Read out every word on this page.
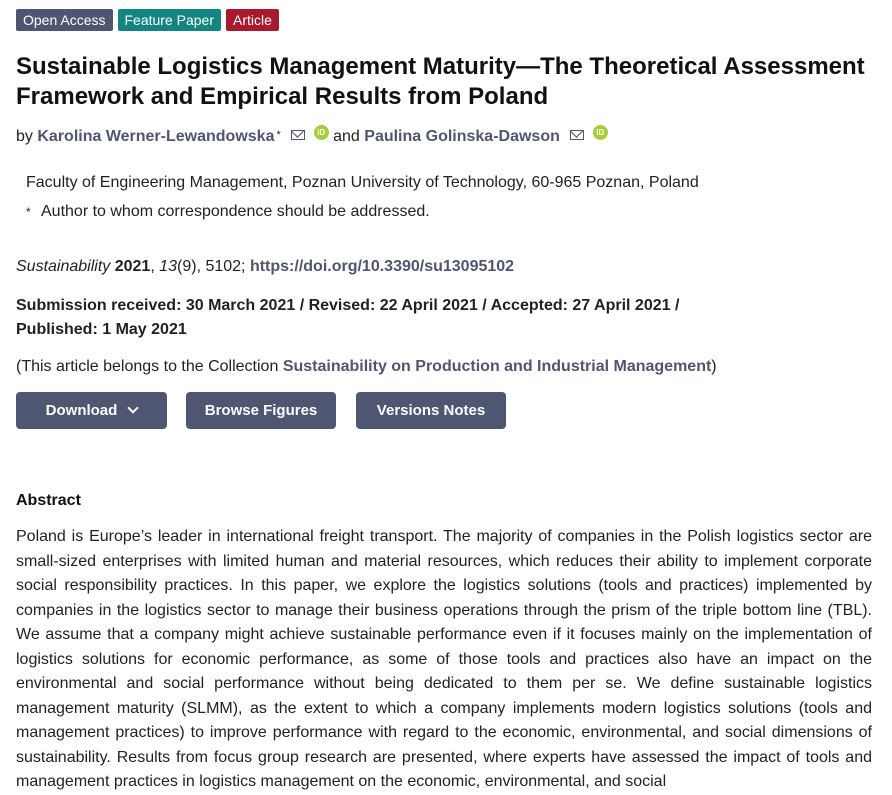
Open Access	Feature Paper	Article
Sustainable Logistics Management Maturity—The Theoretical Assessment Framework and Empirical Results from Poland
by Karolina Werner-Lewandowska *	iD and Paulina Golinska-Dawson	iD
Faculty of Engineering Management, Poznan University of Technology, 60-965 Poznan, Poland
* Author to whom correspondence should be addressed.
Sustainability 2021, 13(9), 5102; https://doi.org/10.3390/su13095102
Submission received: 30 March 2021 / Revised: 22 April 2021 / Accepted: 27 April 2021 / Published: 1 May 2021
(This article belongs to the Collection Sustainability on Production and Industrial Management)
Download	Browse Figures	Versions Notes
Abstract

Poland is Europe’s leader in international freight transport. The majority of companies in the Polish logistics sector are small-sized enterprises with limited human and material resources, which reduces their ability to implement corporate social responsibility practices. In this paper, we explore the logistics solutions (tools and practices) implemented by companies in the logistics sector to manage their business operations through the prism of the triple bottom line (TBL). We assume that a company might achieve sustainable performance even if it focuses mainly on the implementation of logistics solutions for economic performance, as some of those tools and practices also have an impact on the environmental and social performance without being dedicated to them per se. We define sustainable logistics management maturity (SLMM), as the extent to which a company implements modern logistics solutions (tools and management practices) to improve performance with regard to the economic, environmental, and social dimensions of sustainability. Results from focus group research are presented, where experts have assessed the impact of tools and management practices in logistics management on the economic, environmental, and social
